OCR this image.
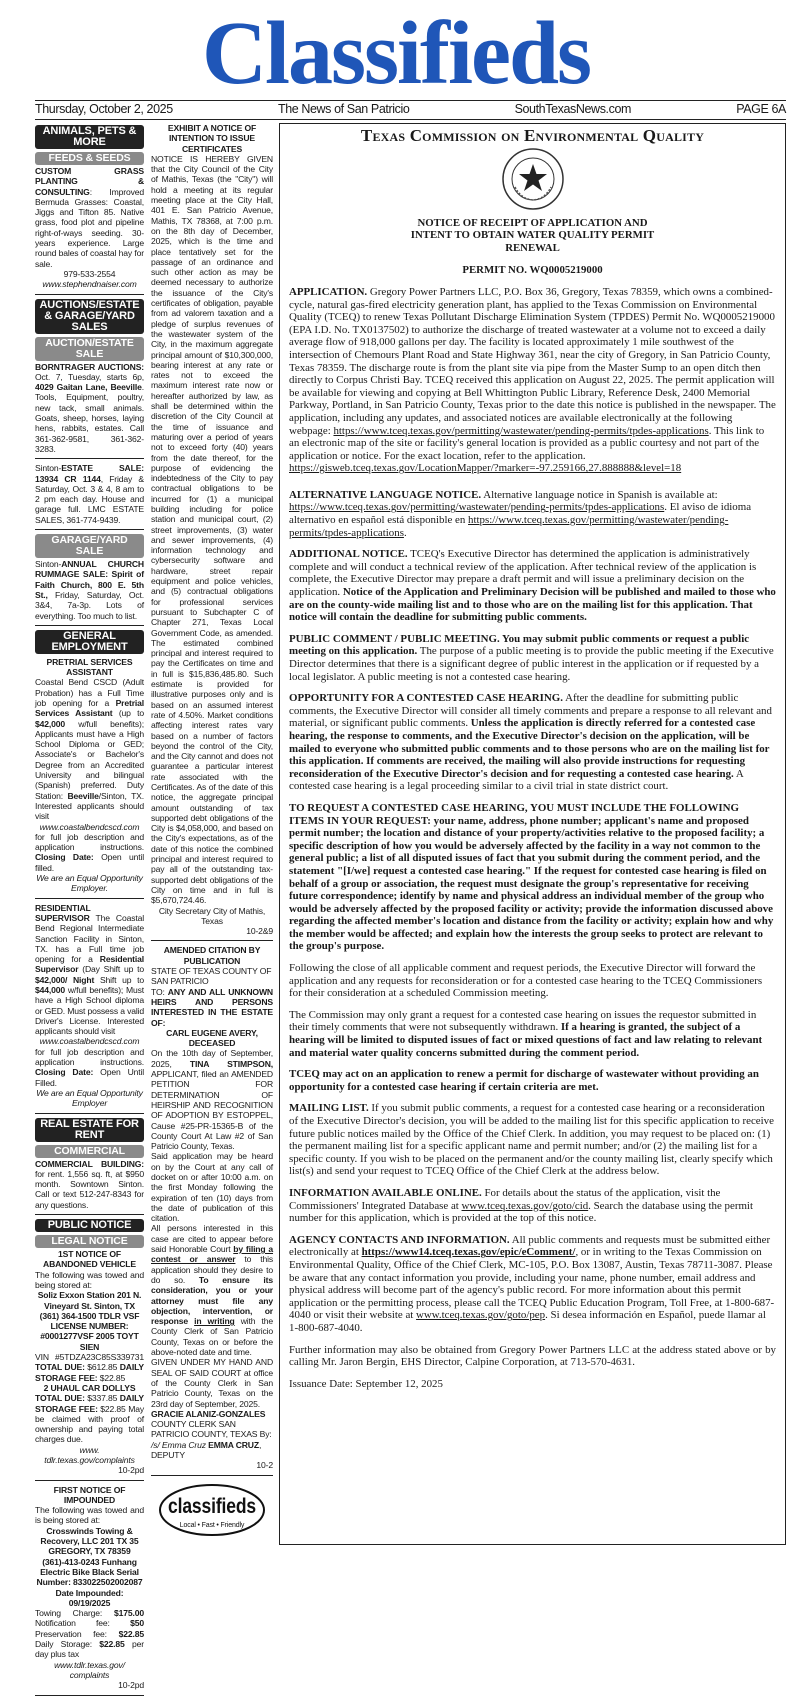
Classifieds
Thursday, October 2, 2025	The News of San Patricio	SouthTexasNews.com	PAGE 6A
ANIMALS, PETS & MORE
FEEDS & SEEDS
CUSTOM GRASS PLANTING & CONSULTING: Improved Bermuda Grasses: Coastal, Jiggs and Tifton 85. Native grass, food plot and pipeline right-of-ways seeding. 30-years experience. Large round bales of coastal hay for sale.
979-533-2554
www.stephendnaiser.com
AUCTIONS/ESTATE & GARAGE/YARD SALES
AUCTION/ESTATE SALE
BORNTRAGER AUCTIONS: Oct. 7, Tuesday, starts 6p, 4029 Gaitan Lane, Beeville. Tools, Equipment, poultry, new tack, small animals. Goats, sheep, horses, laying hens, rabbits, estates. Call 361-362-9581, 361-362-3283.
Sinton-ESTATE SALE: 13934 CR 1144, Friday & Saturday, Oct. 3 & 4, 8 am to 2 pm each day. House and garage full. LMC ESTATE SALES, 361-774-9439.
GARAGE/YARD SALE
Sinton-ANNUAL CHURCH RUMMAGE SALE: Spirit of Faith Church, 800 E. 5th St., Friday, Saturday, Oct. 3&4, 7a-3p. Lots of everything. Too much to list.
GENERAL EMPLOYMENT
PRETRIAL SERVICES ASSISTANT
Coastal Bend CSCD (Adult Probation) has a Full Time job opening for a Pretrial Services Assistant (up to $42,000 w/full benefits); Applicants must have a High School Diploma or GED; Associate's or Bachelor's Degree from an Accredited University and bilingual (Spanish) preferred. Duty Station: Beeville/Sinton, TX. Interested applicants should visit
www.coastalbendcscd.com
for full job description and application instructions. Closing Date: Open until filled.
We are an Equal Opportunity Employer.
RESIDENTIAL SUPERVISOR The Coastal Bend Regional Intermediate Sanction Facility in Sinton, TX. has a Full time job opening for a Residential Supervisor (Day Shift up to $42,000/ Night Shift up to $44,000 w/full benefits); Must have a High School diploma or GED. Must possess a valid Driver's License. Interested applicants should visit
www.coastalbendcscd.com
for full job description and application instructions. Closing Date: Open Until Filled.
We are an Equal Opportunity Employer
REAL ESTATE FOR RENT
COMMERCIAL
COMMERCIAL BUILDING: for rent. 1,556 sq. ft, at $950 month. Sowntown Sinton. Call or text 512-247-8343 for any questions.
PUBLIC NOTICE
LEGAL NOTICE
1ST NOTICE OF ABANDONED VEHICLE
The following was towed and being stored at:
Soliz Exxon Station 201 N. Vineyard St. Sinton, TX (361) 364-1500 TDLR VSF LICENSE NUMBER: #0001277VSF 2005 TOYT SIEN
VIN #5TDZA23C85S339731 TOTAL DUE: $612.85 DAILY STORAGE FEE: $22.85
2 UHAUL CAR DOLLYS
TOTAL DUE: $337.85 DAILY STORAGE FEE: $22.85 May be claimed with proof of ownership and paying total charges due.
www. tdlr.texas.gov/complaints
10-2pd
FIRST NOTICE OF IMPOUNDED
The following was towed and is being stored at:
Crosswinds Towing & Recovery, LLC 201 TX 35 GREGORY, TX 78359 (361)-413-0243 Funhang Electric Bike Black Serial Number: 833022502002087 Date Impounded: 09/19/2025
Towing Charge: $175.00 Notification fee: $50 Preservation fee: $22.85 Daily Storage: $22.85 per day plus tax
www.tdlr.texas.gov/ complaints
10-2pd
EXHIBIT A NOTICE OF INTENTION TO ISSUE CERTIFICATES
NOTICE IS HEREBY GIVEN that the City Council of the City of Mathis, Texas (the "City") will hold a meeting at its regular meeting place at the City Hall, 401 E. San Patricio Avenue, Mathis, TX 78368, at 7:00 p.m. on the 8th day of December, 2025, which is the time and place tentatively set for the passage of an ordinance and such other action as may be deemed necessary to authorize the issuance of the City's certificates of obligation, payable from ad valorem taxation and a pledge of surplus revenues of the wastewater system of the City, in the maximum aggregate principal amount of $10,300,000, bearing interest at any rate or rates not to exceed the maximum interest rate now or hereafter authorized by law, as shall be determined within the discretion of the City Council at the time of issuance and maturing over a period of years not to exceed forty (40) years from the date thereof, for the purpose of evidencing the indebtedness of the City to pay contractual obligations to be incurred for (1) a municipal building including for police station and municipal court, (2) street improvements, (3) water and sewer improvements, (4) information technology and cybersecurity software and hardware, street repair equipment and police vehicles, and (5) contractual obligations for professional services pursuant to Subchapter C of Chapter 271, Texas Local Government Code, as amended. The estimated combined principal and interest required to pay the Certificates on time and in full is $15,836,485.80. Such estimate is provided for illustrative purposes only and is based on an assumed interest rate of 4.50%. Market conditions affecting interest rates vary based on a number of factors beyond the control of the City, and the City cannot and does not guarantee a particular interest rate associated with the Certificates. As of the date of this notice, the aggregate principal amount outstanding of tax supported debt obligations of the City is $4,058,000, and based on the City's expectations, as of the date of this notice the combined principal and interest required to pay all of the outstanding tax-supported debt obligations of the City on time and in full is $5,670,724.46.
City Secretary City of Mathis, Texas
10-2&9
AMENDED CITATION BY PUBLICATION
STATE OF TEXAS COUNTY OF SAN PATRICIO
TO: ANY AND ALL UNKNOWN HEIRS AND PERSONS INTERESTED IN THE ESTATE OF:
CARL EUGENE AVERY, DECEASED
On the 10th day of September, 2025, TINA STIMPSON, APPLICANT, filed an AMENDED PETITION FOR DETERMINATION OF HEIRSHIP AND RECOGNITION OF ADOPTION BY ESTOPPEL, Cause #25-PR-15365-B of the County Court At Law #2 of San Patricio County, Texas.
Said application may be heard on by the Court at any call of docket on or after 10:00 a.m. on the first Monday following the expiration of ten (10) days from the date of publication of this citation.
All persons interested in this case are cited to appear before said Honorable Court by filing a contest or answer to this application should they desire to do so. To ensure its consideration, you or your attorney must file any objection, intervention, or response in writing with the County Clerk of San Patricio County, Texas on or before the above-noted date and time.
GIVEN UNDER MY HAND AND SEAL OF SAID COURT at office of the County Clerk in San Patricio County, Texas on the 23rd day of September, 2025.
GRACIE ALANIZ-GONZALES COUNTY CLERK SAN PATRICIO COUNTY, TEXAS By: /s/ Emma Cruz EMMA CRUZ, DEPUTY
10-2
classifieds
Local • Fast • Friendly
Texas Commission on Environmental Quality
NOTICE OF RECEIPT OF APPLICATION AND INTENT TO OBTAIN WATER QUALITY PERMIT RENEWAL
PERMIT NO. WQ0005219000
APPLICATION. Gregory Power Partners LLC, P.O. Box 36, Gregory, Texas 78359, which owns a combined-cycle, natural gas-fired electricity generation plant, has applied to the Texas Commission on Environmental Quality (TCEQ) to renew Texas Pollutant Discharge Elimination System (TPDES) Permit No. WQ0005219000 (EPA I.D. No. TX0137502) to authorize the discharge of treated wastewater at a volume not to exceed a daily average flow of 918,000 gallons per day. The facility is located approximately 1 mile southwest of the intersection of Chemours Plant Road and State Highway 361, near the city of Gregory, in San Patricio County, Texas 78359. The discharge route is from the plant site via pipe from the Master Sump to an open ditch then directly to Corpus Christi Bay. TCEQ received this application on August 22, 2025. The permit application will be available for viewing and copying at Bell Whittington Public Library, Reference Desk, 2400 Memorial Parkway, Portland, in San Patricio County, Texas prior to the date this notice is published in the newspaper. The application, including any updates, and associated notices are available electronically at the following webpage: https://www.tceq.texas.gov/permitting/wastewater/pending-permits/tpdes-applications. This link to an electronic map of the site or facility's general location is provided as a public courtesy and not part of the application or notice. For the exact location, refer to the application. https://gisweb.tceq.texas.gov/LocationMapper/?marker=-97.259166,27.888888&level=18
ALTERNATIVE LANGUAGE NOTICE. Alternative language notice in Spanish is available at: https://www.tceq.texas.gov/permitting/wastewater/pending-permits/tpdes-applications. El aviso de idioma alternativo en español está disponible en https://www.tceq.texas.gov/permitting/wastewater/pending-permits/tpdes-applications.
ADDITIONAL NOTICE. TCEQ's Executive Director has determined the application is administratively complete and will conduct a technical review of the application. After technical review of the application is complete, the Executive Director may prepare a draft permit and will issue a preliminary decision on the application. Notice of the Application and Preliminary Decision will be published and mailed to those who are on the county-wide mailing list and to those who are on the mailing list for this application. That notice will contain the deadline for submitting public comments.
PUBLIC COMMENT / PUBLIC MEETING. You may submit public comments or request a public meeting on this application. The purpose of a public meeting is to provide the public meeting if the Executive Director determines that there is a significant degree of public interest in the application or if requested by a local legislator. A public meeting is not a contested case hearing.
OPPORTUNITY FOR A CONTESTED CASE HEARING. After the deadline for submitting public comments, the Executive Director will consider all timely comments and prepare a response to all relevant and material, or significant public comments. Unless the application is directly referred for a contested case hearing, the response to comments, and the Executive Director's decision on the application, will be mailed to everyone who submitted public comments and to those persons who are on the mailing list for this application. If comments are received, the mailing will also provide instructions for requesting reconsideration of the Executive Director's decision and for requesting a contested case hearing. A contested case hearing is a legal proceeding similar to a civil trial in state district court.
TO REQUEST A CONTESTED CASE HEARING, YOU MUST INCLUDE THE FOLLOWING ITEMS IN YOUR REQUEST: your name, address, phone number; applicant's name and proposed permit number; the location and distance of your property/activities relative to the proposed facility; a specific description of how you would be adversely affected by the facility in a way not common to the general public; a list of all disputed issues of fact that you submit during the comment period, and the statement "[I/we] request a contested case hearing." If the request for contested case hearing is filed on behalf of a group or association, the request must designate the group's representative for receiving future correspondence; identify by name and physical address an individual member of the group who would be adversely affected by the proposed facility or activity; provide the information discussed above regarding the affected member's location and distance from the facility or activity; explain how and why the member would be affected; and explain how the interests the group seeks to protect are relevant to the group's purpose.
Following the close of all applicable comment and request periods, the Executive Director will forward the application and any requests for reconsideration or for a contested case hearing to the TCEQ Commissioners for their consideration at a scheduled Commission meeting.
The Commission may only grant a request for a contested case hearing on issues the requestor submitted in their timely comments that were not subsequently withdrawn. If a hearing is granted, the subject of a hearing will be limited to disputed issues of fact or mixed questions of fact and law relating to relevant and material water quality concerns submitted during the comment period.
TCEQ may act on an application to renew a permit for discharge of wastewater without providing an opportunity for a contested case hearing if certain criteria are met.
MAILING LIST. If you submit public comments, a request for a contested case hearing or a reconsideration of the Executive Director's decision, you will be added to the mailing list for this specific application to receive future public notices mailed by the Office of the Chief Clerk. In addition, you may request to be placed on: (1) the permanent mailing list for a specific applicant name and permit number; and/or (2) the mailing list for a specific county. If you wish to be placed on the permanent and/or the county mailing list, clearly specify which list(s) and send your request to TCEQ Office of the Chief Clerk at the address below.
INFORMATION AVAILABLE ONLINE. For details about the status of the application, visit the Commissioners' Integrated Database at www.tceq.texas.gov/goto/cid. Search the database using the permit number for this application, which is provided at the top of this notice.
AGENCY CONTACTS AND INFORMATION. All public comments and requests must be submitted either electronically at https://www14.tceq.texas.gov/epic/eComment/, or in writing to the Texas Commission on Environmental Quality, Office of the Chief Clerk, MC-105, P.O. Box 13087, Austin, Texas 78711-3087. Please be aware that any contact information you provide, including your name, phone number, email address and physical address will become part of the agency's public record. For more information about this permit application or the permitting process, please call the TCEQ Public Education Program, Toll Free, at 1-800-687-4040 or visit their website at www.tceq.texas.gov/goto/pep. Si desea información en Español, puede llamar al 1-800-687-4040.
Further information may also be obtained from Gregory Power Partners LLC at the address stated above or by calling Mr. Jaron Bergin, EHS Director, Calpine Corporation, at 713-570-4631.
Issuance Date: September 12, 2025
